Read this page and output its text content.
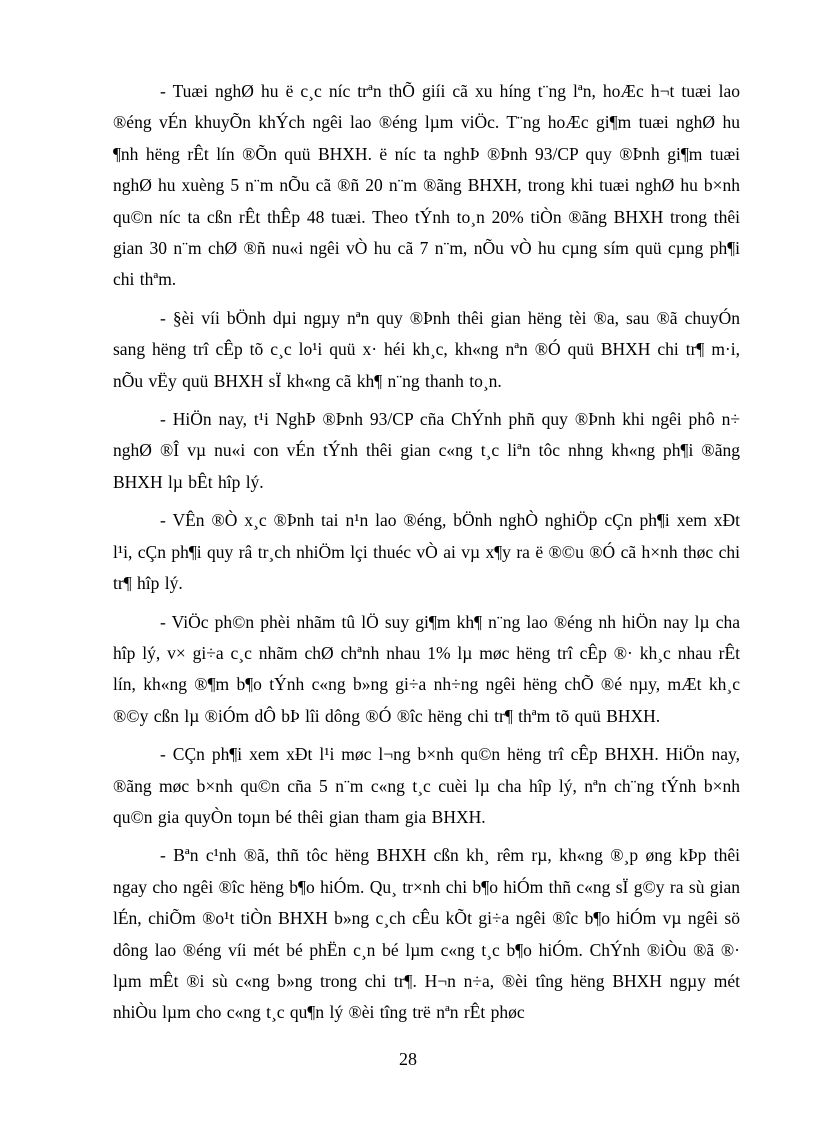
- Tuæi nghØ hu ë c¸c níc trªn thÕ giíi cã xu híng t¨ng lªn, hoÆc h¬t tuæi lao ®éng vÉn khuyÕn khÝch ngêi lao ®éng lµm viÖc. T¨ng hoÆc gi¶m tuæi nghØ hu ¶nh hëng rÊt lín ®Õn quü BHXH. ë níc ta nghÞ ®Þnh 93/CP quy ®Þnh gi¶m tuæi nghØ hu xuèng 5 n¨m nÕu cã ®ñ 20 n¨m ®ãng BHXH, trong khi tuæi nghØ hu b×nh qu©n níc ta cßn rÊt thÊp 48 tuæi. Theo tÝnh to¸n 20% tiÒn ®ãng BHXH trong thêi gian 30 n¨m chØ ®ñ nu«i ngêi vÒ hu cã 7 n¨m, nÕu vÒ hu cµng sím quü cµng ph¶i chi thªm.

- §èi víi bÖnh dµi ngµy nªn quy ®Þnh thêi gian hëng tèi ®a, sau ®ã chuyÓn sang hëng trî cÊp tõ c¸c lo¹i quü x· héi kh¸c, kh«ng nªn ®Ó quü BHXH chi tr¶ m·i, nÕu vËy quü BHXH sÏ kh«ng cã kh¶ n¨ng thanh to¸n.

- HiÖn nay, t¹i NghÞ ®Þnh 93/CP cña ChÝnh phñ quy ®Þnh khi ngêi phô n÷ nghØ ®Î vµ nu«i con vÉn tÝnh thêi gian c«ng t¸c liªn tôc nhng kh«ng ph¶i ®ãng BHXH lµ bÊt hîp lý.

- VÊn ®Ò x¸c ®Þnh tai n¹n lao ®éng, bÖnh nghÒ nghiÖp cÇn ph¶i xem xÐt l¹i, cÇn ph¶i quy râ tr¸ch nhiÖm lçi thuéc vÒ ai vµ x¶y ra ë ®©u ®Ó cã h×nh thøc chi tr¶ hîp lý.

- ViÖc ph©n phèi nhãm tû lÖ suy gi¶m kh¶ n¨ng lao ®éng nh hiÖn nay lµ cha hîp lý, v× gi÷a c¸c nhãm chØ chªnh nhau 1% lµ møc hëng trî cÊp ®· kh¸c nhau rÊt lín, kh«ng ®¶m b¶o tÝnh c«ng b»ng gi÷a nh÷ng ngêi hëng chÕ ®é nµy, mÆt kh¸c ®©y cßn lµ ®iÓm dÔ bÞ lîi dông ®Ó ®îc hëng chi tr¶ thªm tõ quü BHXH.

- CÇn ph¶i xem xÐt l¹i møc l¬ng b×nh qu©n hëng trî cÊp BHXH. HiÖn nay, ®ãng møc b×nh qu©n cña 5 n¨m c«ng t¸c cuèi lµ cha hîp lý, nªn ch¨ng tÝnh b×nh qu©n gia quyÒn toµn bé thêi gian tham gia BHXH.

- Bªn c¹nh ®ã, thñ tôc hëng BHXH cßn kh¸ rêm rµ, kh«ng ®¸p øng kÞp thêi ngay cho ngêi ®îc hëng b¶o hiÓm. Qu¸ tr×nh chi b¶o hiÓm thñ c«ng sÏ g©y ra sù gian lÉn, chiÕm ®o¹t tiÒn BHXH b»ng c¸ch cÊu kÕt gi÷a ngêi ®îc b¶o hiÓm vµ ngêi sö dông lao ®éng víi mét bé phËn c¸n bé lµm c«ng t¸c b¶o hiÓm. ChÝnh ®iÒu ®ã ®· lµm mÊt ®i sù c«ng b»ng trong chi tr¶. H¬n n÷a, ®èi tîng hëng BHXH ngµy mét nhiÒu lµm cho c«ng t¸c qu¶n lý ®èi tîng trë nªn rÊt phøc

28
